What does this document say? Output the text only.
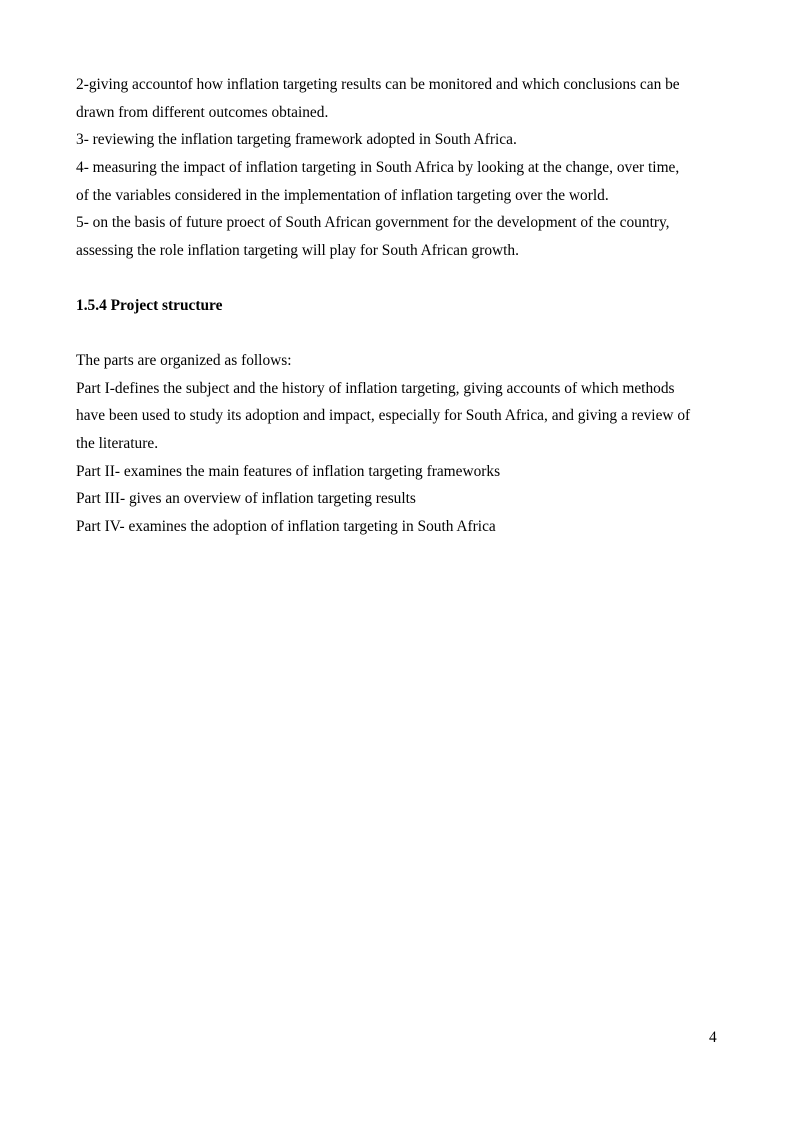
2-giving accountof how inflation targeting results can be monitored and which conclusions can be
drawn from different outcomes obtained.
3- reviewing the inflation targeting framework adopted in South Africa.
4- measuring the impact of inflation targeting in South Africa by looking at the change, over time,
of the variables considered in the implementation of inflation targeting over the world.
5- on the basis of future proect of South African government for the development of the country,
assessing the role inflation targeting will play for South African growth.
1.5.4 Project structure
The parts are organized as follows:
Part I-defines the subject and the history of inflation targeting, giving accounts of which methods
have been used to study its adoption and impact, especially for South Africa, and giving a review of
the literature.
Part II- examines the main features of inflation targeting frameworks
Part III- gives an overview of inflation targeting results
Part IV- examines the adoption of inflation targeting in South Africa
4
